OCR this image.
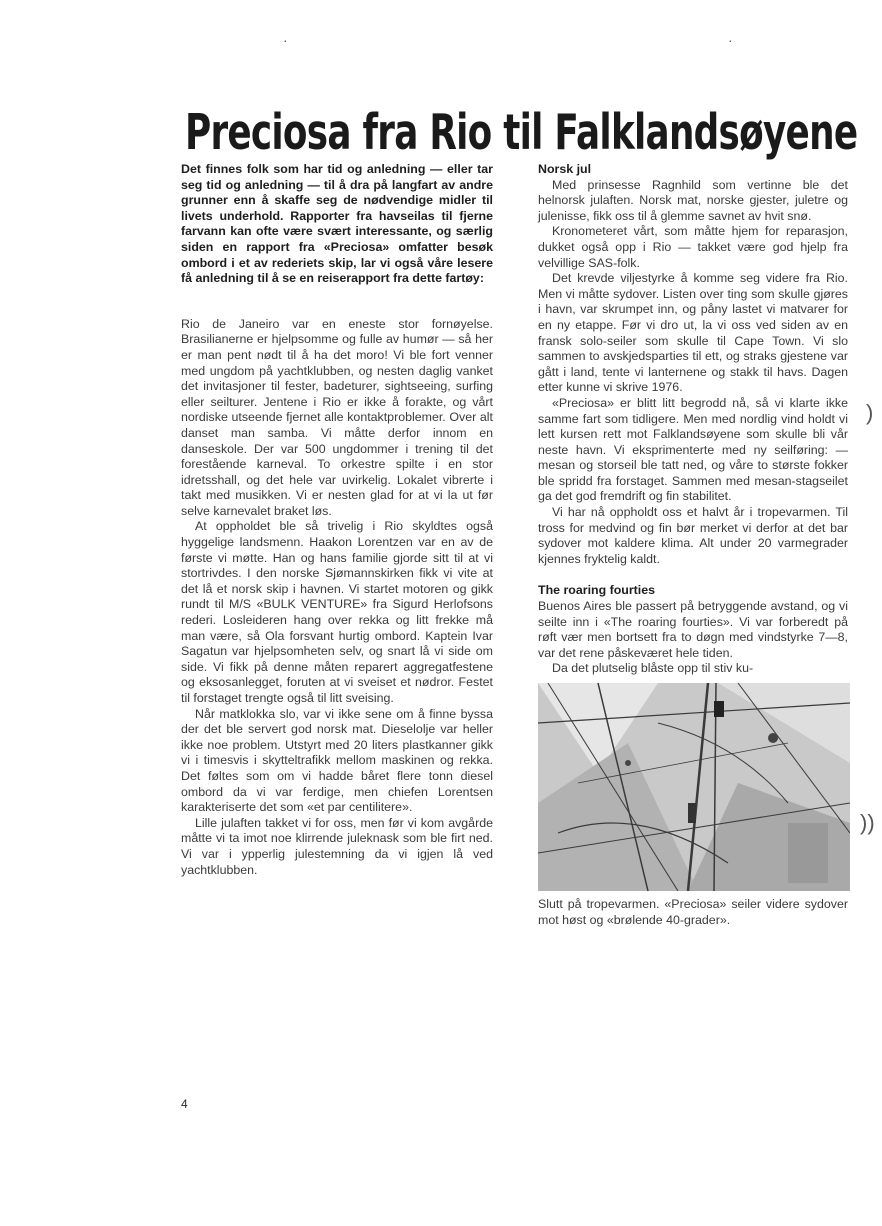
Preciosa fra Rio til Falklandsøyene
·	·
)
))

Det finnes folk som har tid og anledning — eller tar seg tid og anledning — til å dra på langfart av andre grunner enn å skaffe seg de nødvendige midler til livets underhold. Rapporter fra havseilas til fjerne farvann kan ofte være svært interessante, og særlig siden en rapport fra «Preciosa» omfatter besøk ombord i et av rederiets skip, lar vi også våre lesere få anledning til å se en reiserapport fra dette fartøy:

Rio de Janeiro var en eneste stor fornøyelse. Brasilianerne er hjelpsomme og fulle av humør — så her er man pent nødt til å ha det moro! Vi ble fort venner med ungdom på yachtklubben, og nesten daglig vanket det invitasjoner til fester, badeturer, sightseeing, surfing eller seilturer. Jentene i Rio er ikke å forakte, og vårt nordiske utseende fjernet alle kontaktproblemer. Over alt danset man samba. Vi måtte derfor innom en danseskole. Der var 500 ungdommer i trening til det forestående karneval. To orkestre spilte i en stor idretsshall, og det hele var uvirkelig. Lokalet vibrerte i takt med musikken. Vi er nesten glad for at vi la ut før selve karnevalet braket løs.

At oppholdet ble så trivelig i Rio skyldtes også hyggelige landsmenn. Haakon Lorentzen var en av de første vi møtte. Han og hans familie gjorde sitt til at vi stortrivdes. I den norske Sjømannskirken fikk vi vite at det lå et norsk skip i havnen. Vi startet motoren og gikk rundt til M/S «BULK VENTURE» fra Sigurd Herlofsons rederi. Losleideren hang over rekka og litt frekke må man være, så Ola forsvant hurtig ombord. Kaptein Ivar Sagatun var hjelpsomheten selv, og snart lå vi side om side. Vi fikk på denne måten reparert aggregatfestene og eksosanlegget, foruten at vi sveiset et nødror. Festet til forstaget trengte også til litt sveising.

Når matklokka slo, var vi ikke sene om å finne byssa der det ble servert god norsk mat. Dieselolje var heller ikke noe problem. Utstyrt med 20 liters plastkanner gikk vi i timesvis i skytteltrafikk mellom maskinen og rekka. Det føltes som om vi hadde båret flere tonn diesel ombord da vi var ferdige, men chiefen Lorentsen karakteriserte det som «et par centilitere».

Lille julaften takket vi for oss, men før vi kom avgårde måtte vi ta imot noe klirrende juleknask som ble firt ned. Vi var i ypperlig julestemning da vi igjen lå ved yachtklubben.

Norsk jul

Med prinsesse Ragnhild som vertinne ble det helnorsk julaften. Norsk mat, norske gjester, juletre og julenisse, fikk oss til å glemme savnet av hvit snø.

Kronometeret vårt, som måtte hjem for reparasjon, dukket også opp i Rio — takket være god hjelp fra velvillige SAS-folk.

Det krevde viljestyrke å komme seg videre fra Rio. Men vi måtte sydover. Listen over ting som skulle gjøres i havn, var skrumpet inn, og påny lastet vi matvarer for en ny etappe. Før vi dro ut, la vi oss ved siden av en fransk solo-seiler som skulle til Cape Town. Vi slo sammen to avskjedsparties til ett, og straks gjestene var gått i land, tente vi lanternene og stakk til havs. Dagen etter kunne vi skrive 1976.

«Preciosa» er blitt litt begrodd nå, så vi klarte ikke samme fart som tidligere. Men med nordlig vind holdt vi lett kursen rett mot Falklandsøyene som skulle bli vår neste havn. Vi eksprimenterte med ny seilføring: — mesan og storseil ble tatt ned, og våre to største fokker ble spridd fra forstaget. Sammen med mesan-stagseilet ga det god fremdrift og fin stabilitet.

Vi har nå oppholdt oss et halvt år i tropevarmen. Til tross for medvind og fin bør merket vi derfor at det bar sydover mot kaldere klima. Alt under 20 varmegrader kjennes fryktelig kaldt.

The roaring fourties

Buenos Aires ble passert på betryggende avstand, og vi seilte inn i «The roaring fourties». Vi var forberedt på røft vær men bortsett fra to døgn med vindstyrke 7—8, var det rene påskeværet hele tiden.

Da det plutselig blåste opp til stiv ku-

Slutt på tropevarmen. «Preciosa» seiler videre sydover mot høst og «brølende 40-grader».

4
